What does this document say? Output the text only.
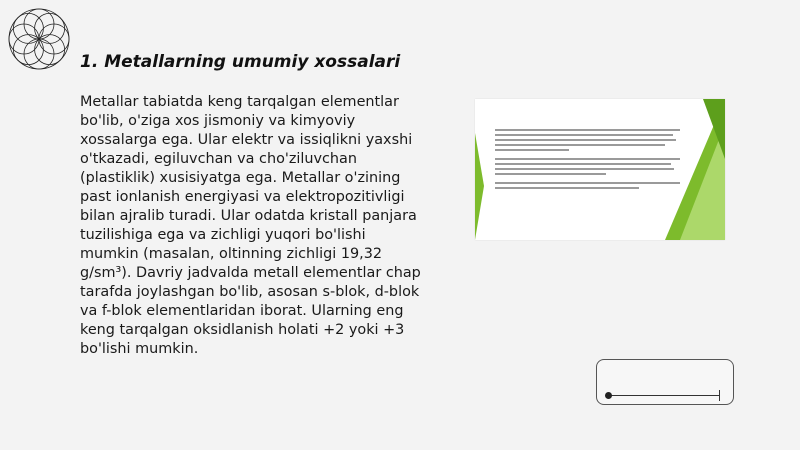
1. Metallarning umumiy xossalari

Metallar tabiatda keng tarqalgan elementlar bo'lib, o'ziga xos jismoniy va kimyoviy xossalarga ega. Ular elektr va issiqlikni yaxshi o'tkazadi, egiluvchan va cho'ziluvchan (plastiklik) xusisiyatga ega. Metallar o'zining past ionlanish energiyasi va elektropozitivligi bilan ajralib turadi. Ular odatda kristall panjara tuzilishiga ega va zichligi yuqori bo'lishi mumkin (masalan, oltinning zichligi 19,32 g/sm³). Davriy jadvalda metall elementlar chap tarafda joylashgan bo'lib, asosan s-blok, d-blok va f-blok elementlaridan iborat. Ularning eng keng tarqalgan oksidlanish holati +2 yoki +3 bo'lishi mumkin.
